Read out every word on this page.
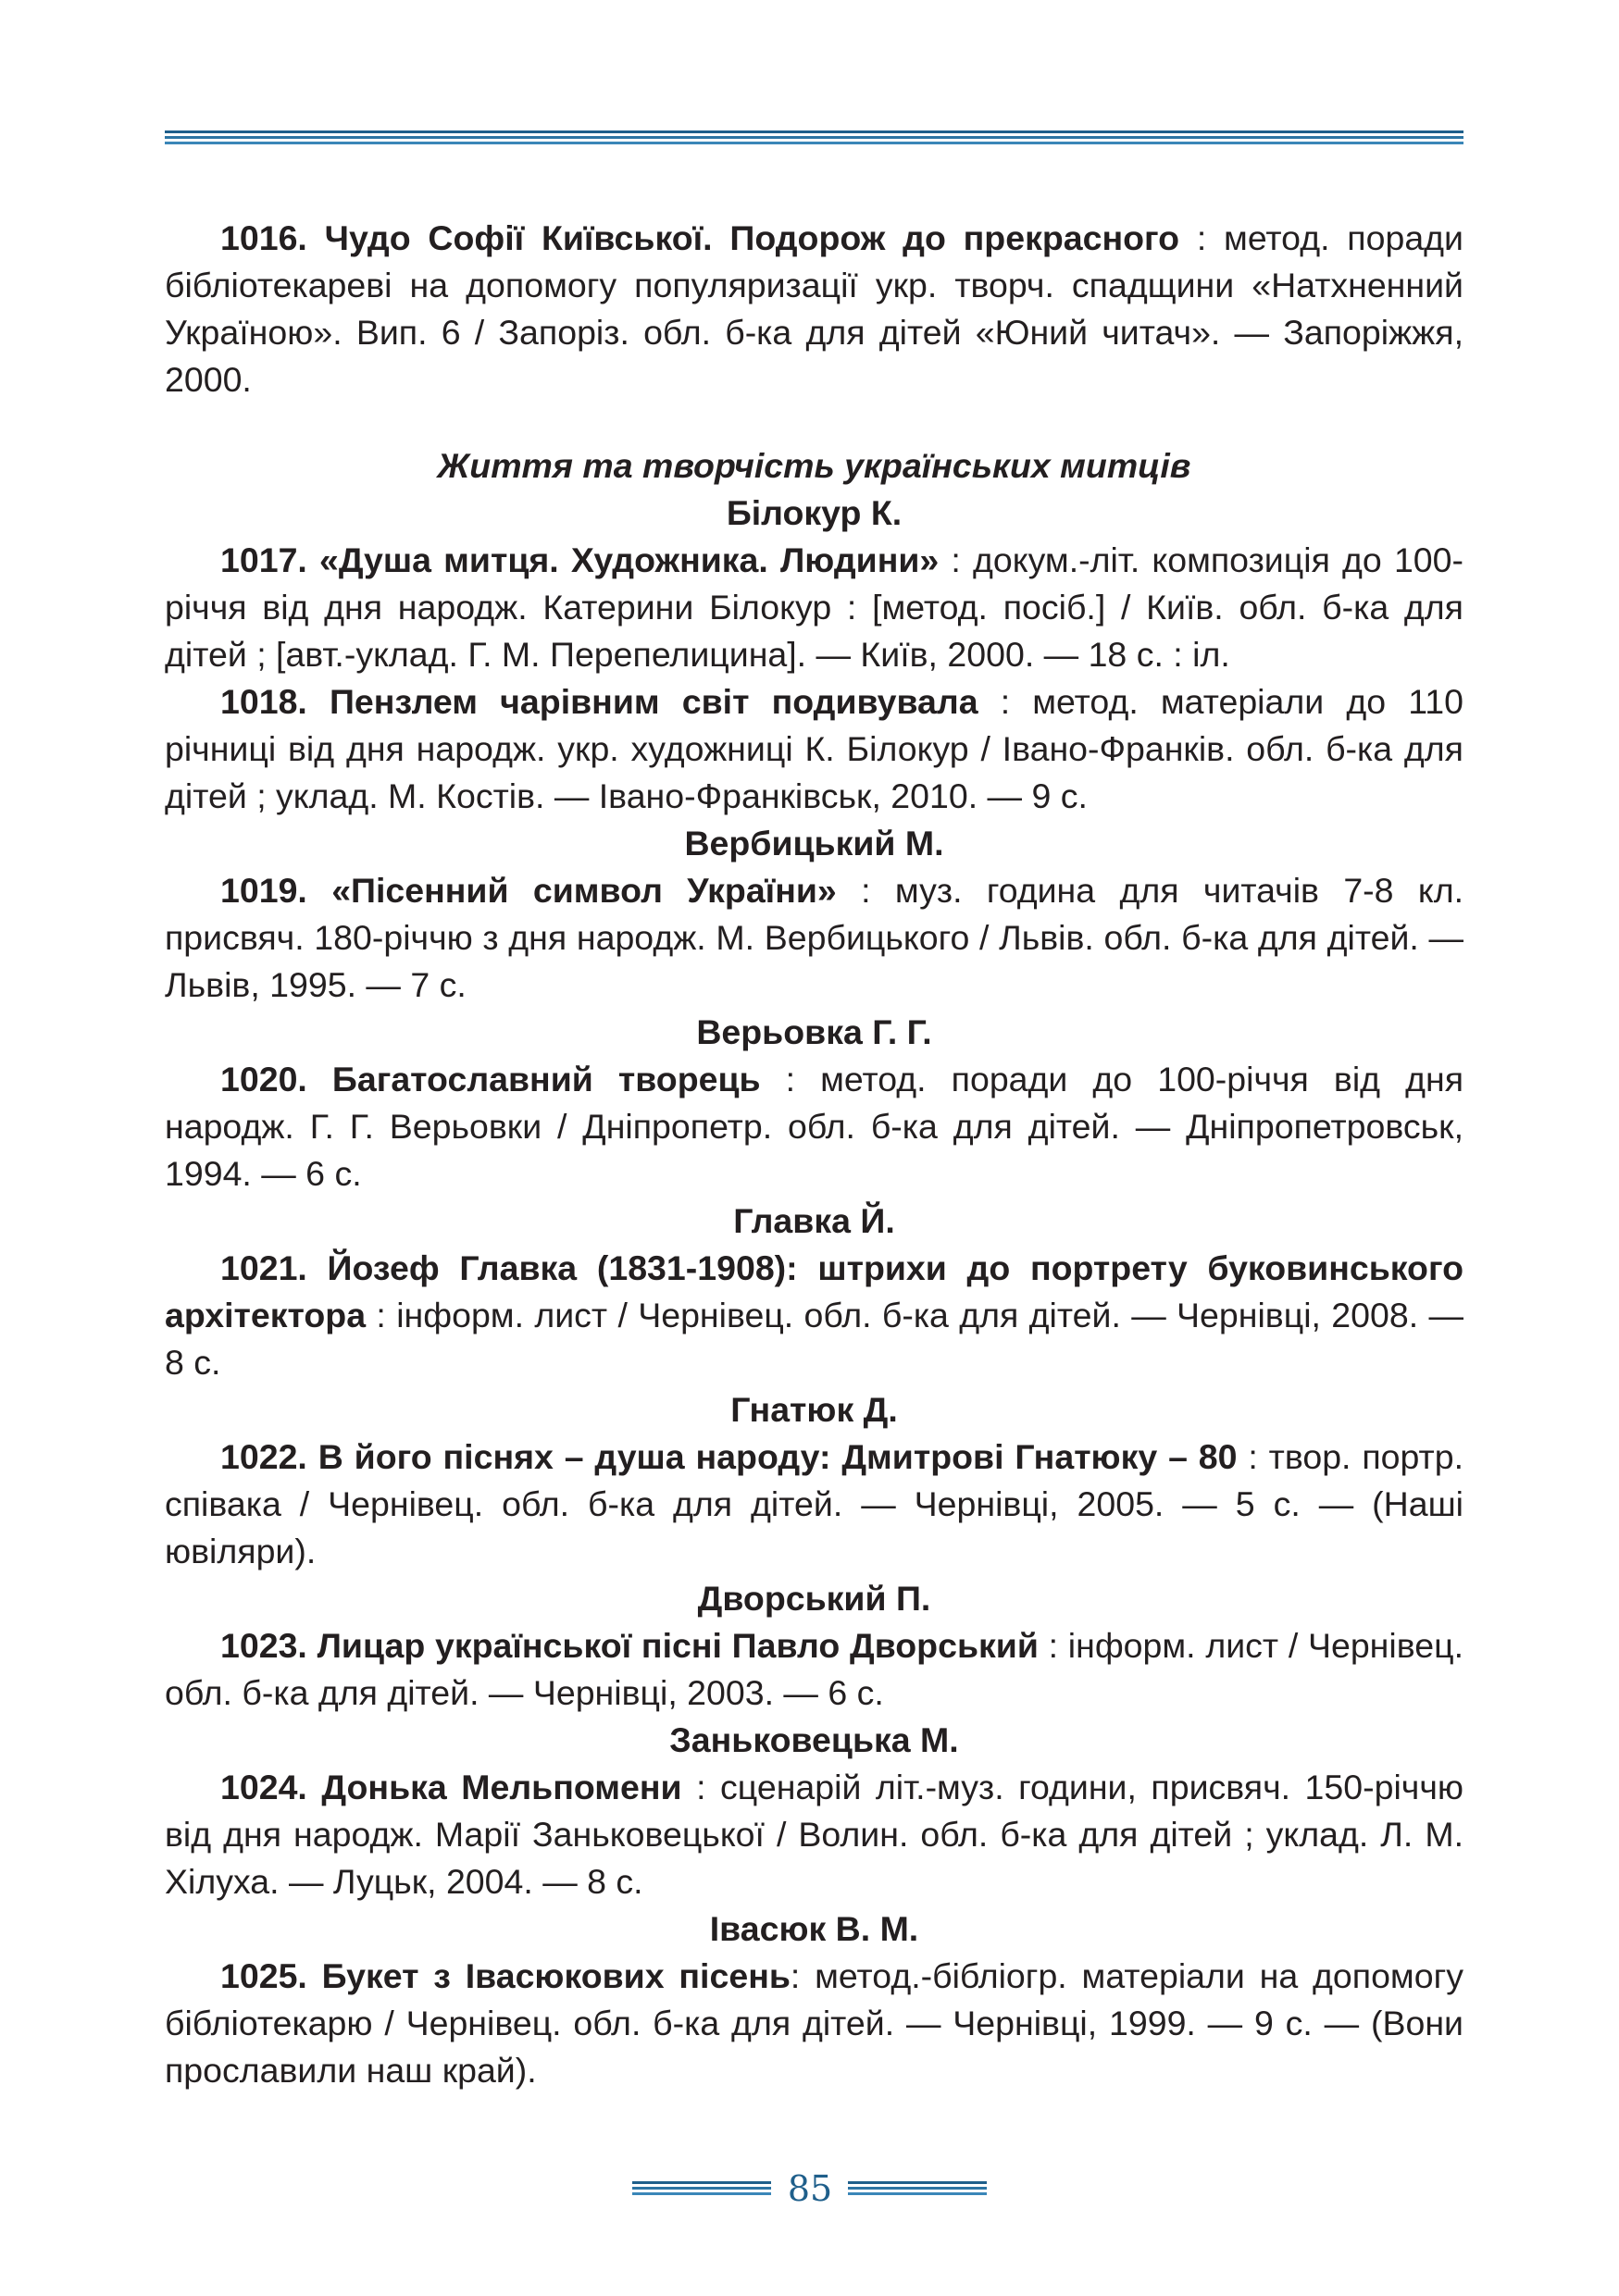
1016. Чудо Софії Київської. Подорож до прекрасного : метод. поради бібліотекареві на допомогу популяризації укр. творч. спадщини «Натхненний Україною». Вип. 6 / Запоріз. обл. б-ка для дітей «Юний читач». — Запоріжжя, 2000.

Життя та творчість українських митців

Білокур К.

1017. «Душа митця. Художника. Людини» : докум.-літ. композиція до 100-річчя від дня народж. Катерини Білокур : [метод. посіб.] / Київ. обл. б-ка для дітей ; [авт.-уклад. Г. М. Перепелицина]. — Київ, 2000. — 18 с. : іл.

1018. Пензлем чарівним світ подивувала : метод. матеріали до 110 річниці від дня народж. укр. художниці К. Білокур / Івано-Франків. обл. б-ка для дітей ; уклад. М. Костів. — Івано-Франківськ, 2010. — 9 с.

Вербицький М.

1019. «Пісенний символ України» : муз. година для читачів 7-8 кл. присвяч. 180-річчю з дня народж. М. Вербицького / Львів. обл. б-ка для дітей. — Львів, 1995. — 7 с.

Верьовка Г. Г.

1020. Багатославний творець : метод. поради до 100-річчя від дня народж. Г. Г. Верьовки / Дніпропетр. обл. б-ка для дітей. — Дніпропетровськ, 1994. — 6 с.

Главка Й.

1021. Йозеф Главка (1831-1908): штрихи до портрету буковинського архітектора : інформ. лист / Чернівец. обл. б-ка для дітей. — Чернівці, 2008. — 8 с.

Гнатюк Д.

1022. В його піснях – душа народу: Дмитрові Гнатюку – 80 : твор. портр. співака / Чернівец. обл. б-ка для дітей. — Чернівці, 2005. — 5 с. — (Наші ювіляри).

Дворський П.

1023. Лицар української пісні Павло Дворський : інформ. лист / Чернівец. обл. б-ка для дітей. — Чернівці, 2003. — 6 с.

Заньковецька М.

1024. Донька Мельпомени : сценарій літ.-муз. години, присвяч. 150-річчю від дня народж. Марії Заньковецької / Волин. обл. б-ка для дітей ; уклад. Л. М. Хілуха. — Луцьк, 2004. — 8 с.

Івасюк В. М.

1025. Букет з Івасюкових пісень: метод.-бібліогр. матеріали на допомогу бібліотекарю / Чернівец. обл. б-ка для дітей. — Чернівці, 1999. — 9 с. — (Вони прославили наш край).

85
